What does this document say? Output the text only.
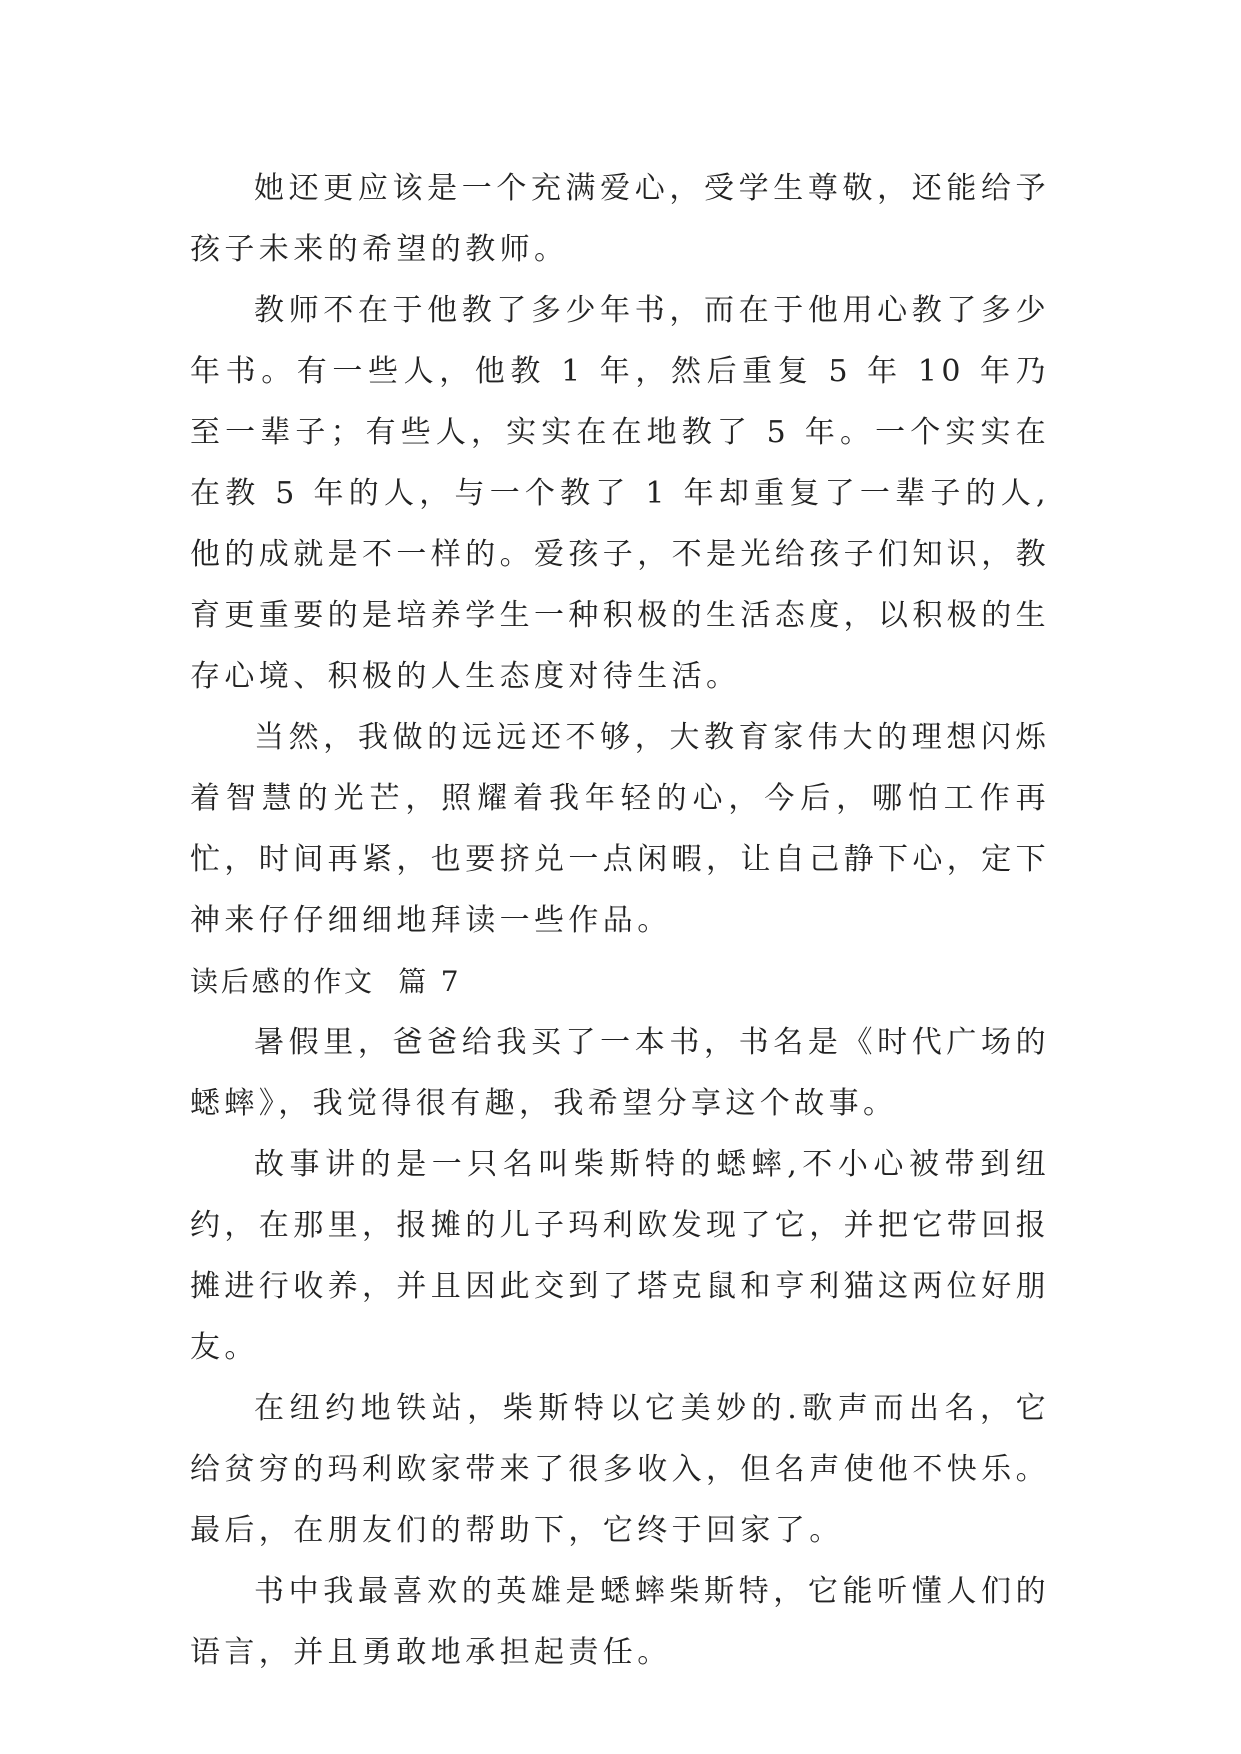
她还更应该是一个充满爱心，受学生尊敬，还能给予孩子未来的希望的教师。

教师不在于他教了多少年书，而在于他用心教了多少年书。有一些人，他教 1 年，然后重复 5 年 10 年乃至一辈子；有些人，实实在在地教了 5 年。一个实实在在教 5 年的人，与一个教了 1 年却重复了一辈子的人,他的成就是不一样的。爱孩子，不是光给孩子们知识，教育更重要的是培养学生一种积极的生活态度，以积极的生存心境、积极的人生态度对待生活。

当然，我做的远远还不够，大教育家伟大的理想闪烁着智慧的光芒，照耀着我年轻的心，今后，哪怕工作再忙，时间再紧，也要挤兑一点闲暇，让自己静下心，定下神来仔仔细细地拜读一些作品。

读后感的作文  篇 7

暑假里，爸爸给我买了一本书，书名是《时代广场的蟋蟀》，我觉得很有趣，我希望分享这个故事。

故事讲的是一只名叫柴斯特的蟋蟀,不小心被带到纽约，在那里，报摊的儿子玛利欧发现了它，并把它带回报摊进行收养，并且因此交到了塔克鼠和亨利猫这两位好朋友。

在纽约地铁站，柴斯特以它美妙的.歌声而出名，它给贫穷的玛利欧家带来了很多收入，但名声使他不快乐。最后，在朋友们的帮助下，它终于回家了。

书中我最喜欢的英雄是蟋蟀柴斯特，它能听懂人们的语言，并且勇敢地承担起责任。
